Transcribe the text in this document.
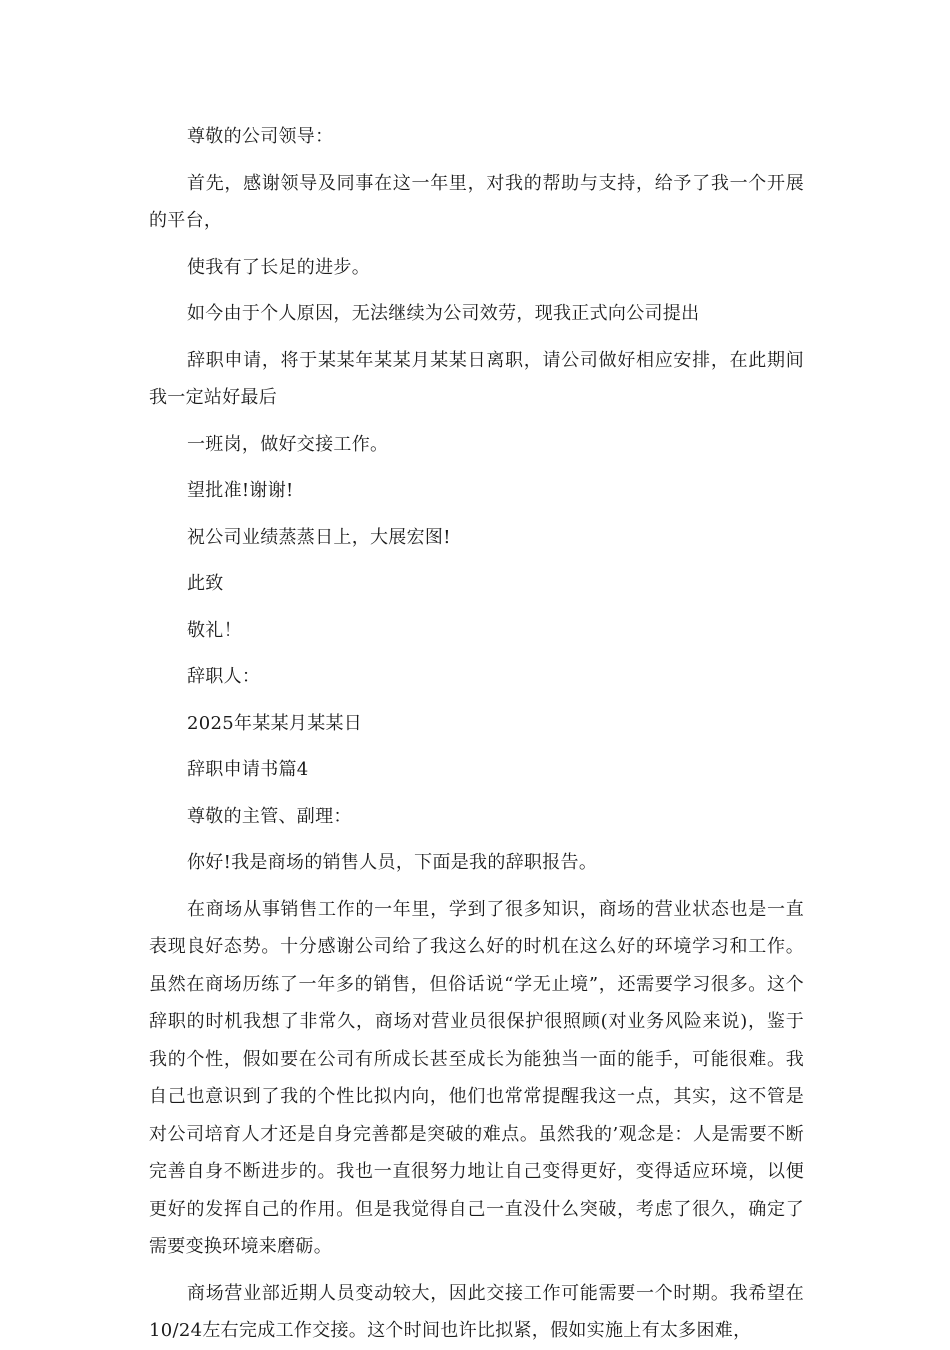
尊敬的公司领导：

首先，感谢领导及同事在这一年里，对我的帮助与支持，给予了我一个开展的平台，

使我有了长足的进步。

如今由于个人原因，无法继续为公司效劳，现我正式向公司提出

辞职申请，将于某某年某某月某某日离职，请公司做好相应安排，在此期间我一定站好最后

一班岗，做好交接工作。

望批准!谢谢!

祝公司业绩蒸蒸日上，大展宏图!

此致

敬礼！

辞职人：

2025年某某月某某日

辞职申请书篇4

尊敬的主管、副理：

你好!我是商场的销售人员，下面是我的辞职报告。

在商场从事销售工作的一年里，学到了很多知识，商场的营业状态也是一直表现良好态势。十分感谢公司给了我这么好的时机在这么好的环境学习和工作。虽然在商场历练了一年多的销售，但俗话说“学无止境”，还需要学习很多。这个辞职的时机我想了非常久，商场对营业员很保护很照顾(对业务风险来说)，鉴于我的个性，假如要在公司有所成长甚至成长为能独当一面的能手，可能很难。我自己也意识到了我的个性比拟内向，他们也常常提醒我这一点，其实，这不管是对公司培育人才还是自身完善都是突破的难点。虽然我的’观念是：人是需要不断完善自身不断进步的。我也一直很努力地让自己变得更好，变得适应环境，以便更好的发挥自己的作用。但是我觉得自己一直没什么突破，考虑了很久，确定了需要变换环境来磨砺。

商场营业部近期人员变动较大，因此交接工作可能需要一个时期。我希望在10/24左右完成工作交接。这个时间也许比拟紧，假如实施上有太多困难，
